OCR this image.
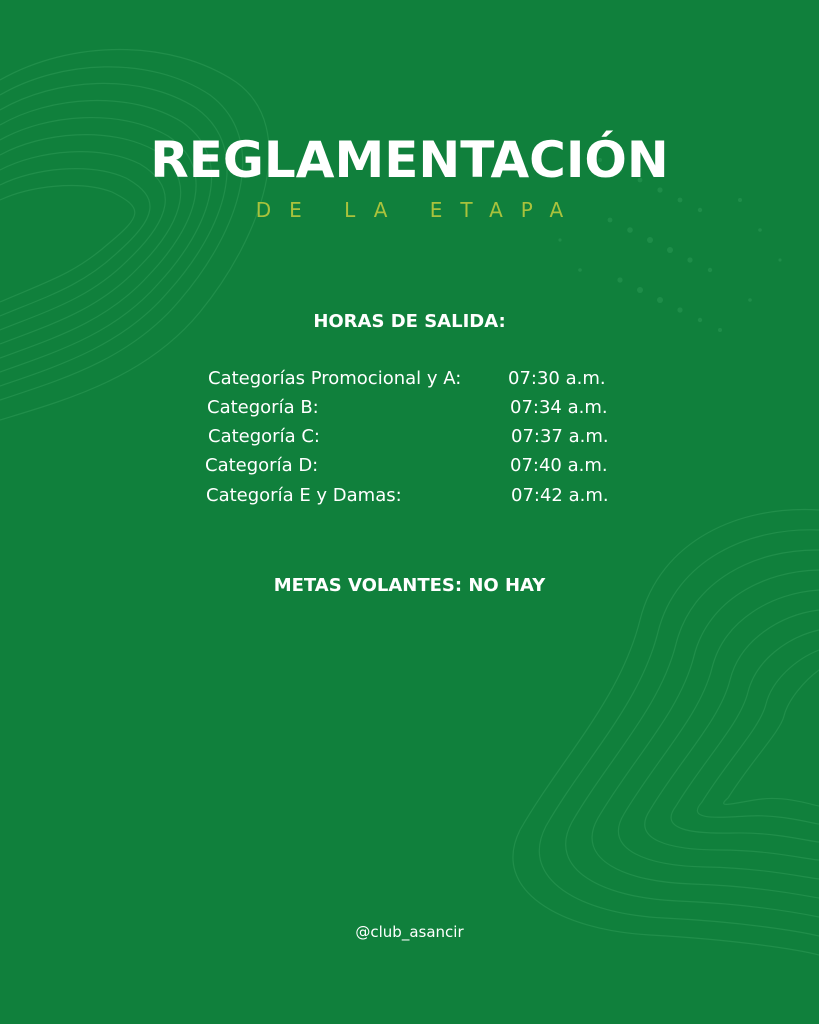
REGLAMENTACIÓN
DE LA ETAPA
HORAS DE SALIDA:
Categorías Promocional y A:	07:30 a.m.
Categoría B:	07:34 a.m.
Categoría C:	07:37 a.m.
Categoría D:	07:40 a.m.
Categoría E y Damas:	07:42 a.m.
METAS VOLANTES: NO HAY
@club_asancir
